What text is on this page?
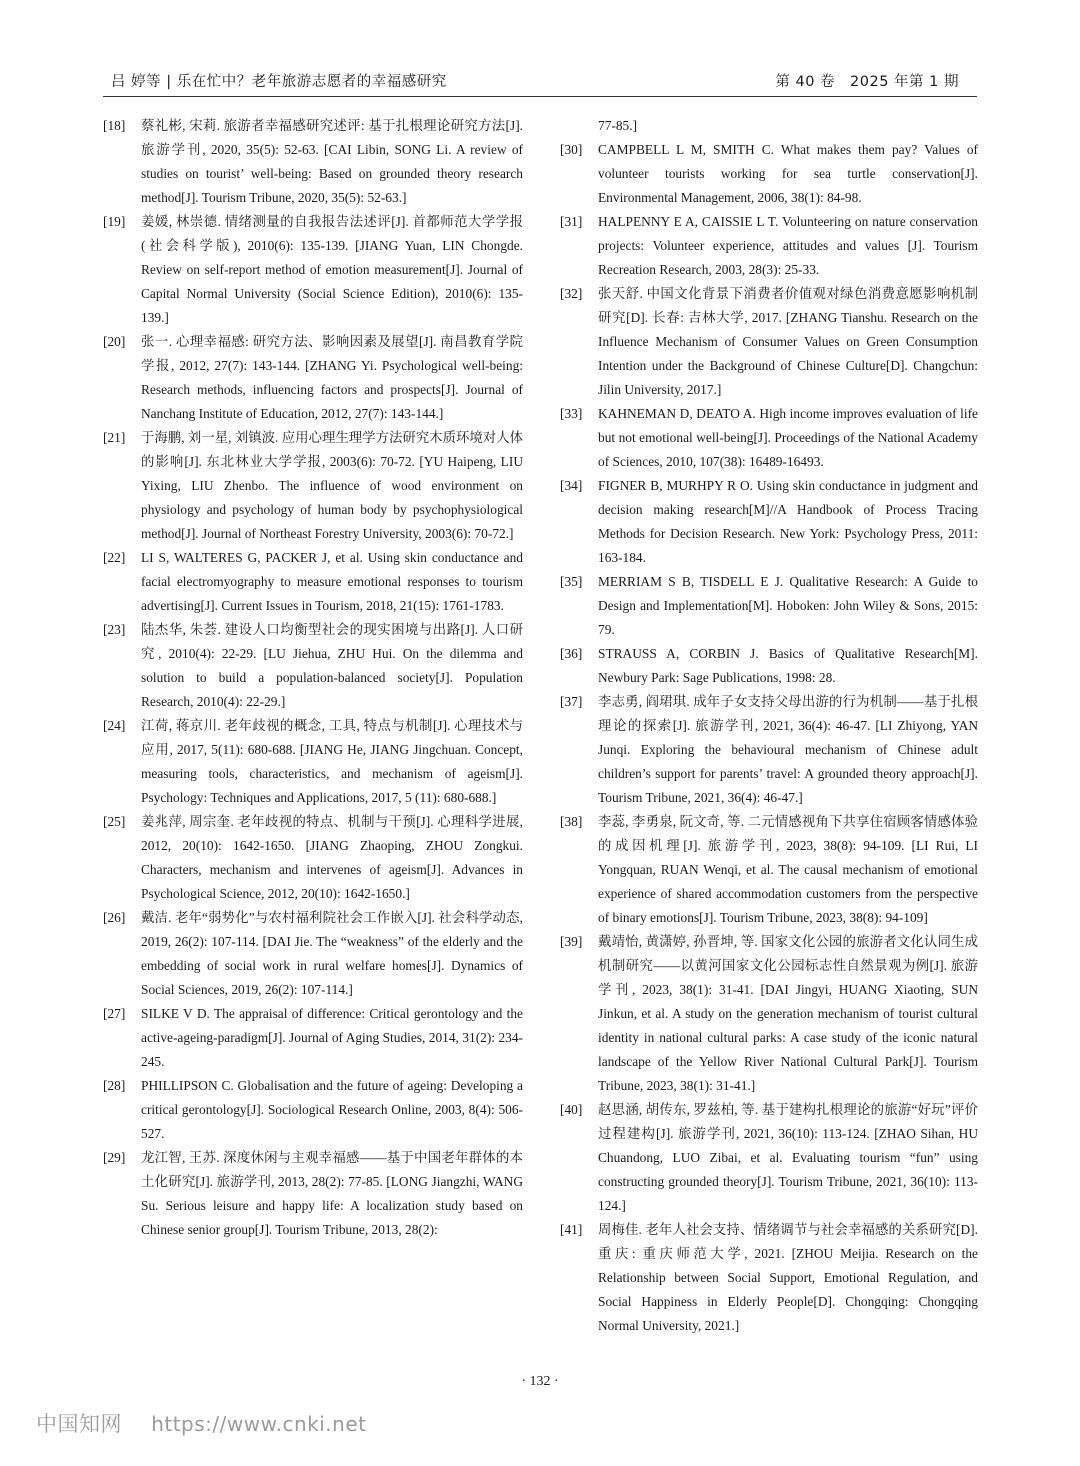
吕 婷等 | 乐在忙中？老年旅游志愿者的幸福感研究	第 40 卷　2025 年第 1 期
[18]	蔡礼彬, 宋莉. 旅游者幸福感研究述评: 基于扎根理论研究方法[J]. 旅游学刊, 2020, 35(5): 52-63. [CAI Libin, SONG Li. A review of studies on tourist’ well-being: Based on grounded theory research method[J]. Tourism Tribune, 2020, 35(5): 52-63.]
[19]	姜媛, 林崇德. 情绪测量的自我报告法述评[J]. 首都师范大学学报(社会科学版), 2010(6): 135-139. [JIANG Yuan, LIN Chongde. Review on self-report method of emotion measurement[J]. Journal of Capital Normal University (Social Science Edition), 2010(6): 135-139.]
[20]	张一. 心理幸福感: 研究方法、影响因素及展望[J]. 南昌教育学院学报, 2012, 27(7): 143-144. [ZHANG Yi. Psychological well-being: Research methods, influencing factors and prospects[J]. Journal of Nanchang Institute of Education, 2012, 27(7): 143-144.]
[21]	于海鹏, 刘一星, 刘镇波. 应用心理生理学方法研究木质环境对人体的影响[J]. 东北林业大学学报, 2003(6): 70-72. [YU Haipeng, LIU Yixing, LIU Zhenbo. The influence of wood environment on physiology and psychology of human body by psychophysiological method[J]. Journal of Northeast Forestry University, 2003(6): 70-72.]
[22]	LI S, WALTERES G, PACKER J, et al. Using skin conductance and facial electromyography to measure emotional responses to tourism advertising[J]. Current Issues in Tourism, 2018, 21(15): 1761-1783.
[23]	陆杰华, 朱荟. 建设人口均衡型社会的现实困境与出路[J]. 人口研究, 2010(4): 22-29. [LU Jiehua, ZHU Hui. On the dilemma and solution to build a population-balanced society[J]. Population Research, 2010(4): 22-29.]
[24]	江荷, 蒋京川. 老年歧视的概念, 工具, 特点与机制[J]. 心理技术与应用, 2017, 5(11): 680-688. [JIANG He, JIANG Jingchuan. Concept, measuring tools, characteristics, and mechanism of ageism[J]. Psychology: Techniques and Applications, 2017, 5 (11): 680-688.]
[25]	姜兆萍, 周宗奎. 老年歧视的特点、机制与干预[J]. 心理科学进展, 2012, 20(10): 1642-1650. [JIANG Zhaoping, ZHOU Zongkui. Characters, mechanism and intervenes of ageism[J]. Advances in Psychological Science, 2012, 20(10): 1642-1650.]
[26]	戴洁. 老年“弱势化”与农村福利院社会工作嵌入[J]. 社会科学动态, 2019, 26(2): 107-114. [DAI Jie. The “weakness” of the elderly and the embedding of social work in rural welfare homes[J]. Dynamics of Social Sciences, 2019, 26(2): 107-114.]
[27]	SILKE V D. The appraisal of difference: Critical gerontology and the active-ageing-paradigm[J]. Journal of Aging Studies, 2014, 31(2): 234-245.
[28]	PHILLIPSON C. Globalisation and the future of ageing: Developing a critical gerontology[J]. Sociological Research Online, 2003, 8(4): 506-527.
[29]	龙江智, 王苏. 深度休闲与主观幸福感——基于中国老年群体的本土化研究[J]. 旅游学刊, 2013, 28(2): 77-85. [LONG Jiangzhi, WANG Su. Serious leisure and happy life: A localization study based on Chinese senior group[J]. Tourism Tribune, 2013, 28(2):
77-85.]
[30]	CAMPBELL L M, SMITH C. What makes them pay? Values of volunteer tourists working for sea turtle conservation[J]. Environmental Management, 2006, 38(1): 84-98.
[31]	HALPENNY E A, CAISSIE L T. Volunteering on nature conservation projects: Volunteer experience, attitudes and values [J]. Tourism Recreation Research, 2003, 28(3): 25-33.
[32]	张天舒. 中国文化背景下消费者价值观对绿色消费意愿影响机制研究[D]. 长春: 吉林大学, 2017. [ZHANG Tianshu. Research on the Influence Mechanism of Consumer Values on Green Consumption Intention under the Background of Chinese Culture[D]. Changchun: Jilin University, 2017.]
[33]	KAHNEMAN D, DEATO A. High income improves evaluation of life but not emotional well-being[J]. Proceedings of the National Academy of Sciences, 2010, 107(38): 16489-16493.
[34]	FIGNER B, MURHPY R O. Using skin conductance in judgment and decision making research[M]//A Handbook of Process Tracing Methods for Decision Research. New York: Psychology Press, 2011: 163-184.
[35]	MERRIAM S B, TISDELL E J. Qualitative Research: A Guide to Design and Implementation[M]. Hoboken: John Wiley & Sons, 2015: 79.
[36]	STRAUSS A, CORBIN J. Basics of Qualitative Research[M]. Newbury Park: Sage Publications, 1998: 28.
[37]	李志勇, 阎珺琪. 成年子女支持父母出游的行为机制——基于扎根理论的探索[J]. 旅游学刊, 2021, 36(4): 46-47. [LI Zhiyong, YAN Junqi. Exploring the behavioural mechanism of Chinese adult children’s support for parents’ travel: A grounded theory approach[J]. Tourism Tribune, 2021, 36(4): 46-47.]
[38]	李蕊, 李勇泉, 阮文奇, 等. 二元情感视角下共享住宿顾客情感体验的成因机理[J]. 旅游学刊, 2023, 38(8): 94-109. [LI Rui, LI Yongquan, RUAN Wenqi, et al. The causal mechanism of emotional experience of shared accommodation customers from the perspective of binary emotions[J]. Tourism Tribune, 2023, 38(8): 94-109]
[39]	戴靖怡, 黄潇婷, 孙晋坤, 等. 国家文化公园的旅游者文化认同生成机制研究——以黄河国家文化公园标志性自然景观为例[J]. 旅游学刊, 2023, 38(1): 31-41. [DAI Jingyi, HUANG Xiaoting, SUN Jinkun, et al. A study on the generation mechanism of tourist cultural identity in national cultural parks: A case study of the iconic natural landscape of the Yellow River National Cultural Park[J]. Tourism Tribune, 2023, 38(1): 31-41.]
[40]	赵思涵, 胡传东, 罗兹柏, 等. 基于建构扎根理论的旅游“好玩”评价过程建构[J]. 旅游学刊, 2021, 36(10): 113-124. [ZHAO Sihan, HU Chuandong, LUO Zibai, et al. Evaluating tourism “fun” using constructing grounded theory[J]. Tourism Tribune, 2021, 36(10): 113-124.]
[41]	周梅佳. 老年人社会支持、情绪调节与社会幸福感的关系研究[D]. 重庆: 重庆师范大学, 2021. [ZHOU Meijia. Research on the Relationship between Social Support, Emotional Regulation, and Social Happiness in Elderly People[D]. Chongqing: Chongqing Normal University, 2021.]
· 132 ·
中国知网 https://www.cnki.net
